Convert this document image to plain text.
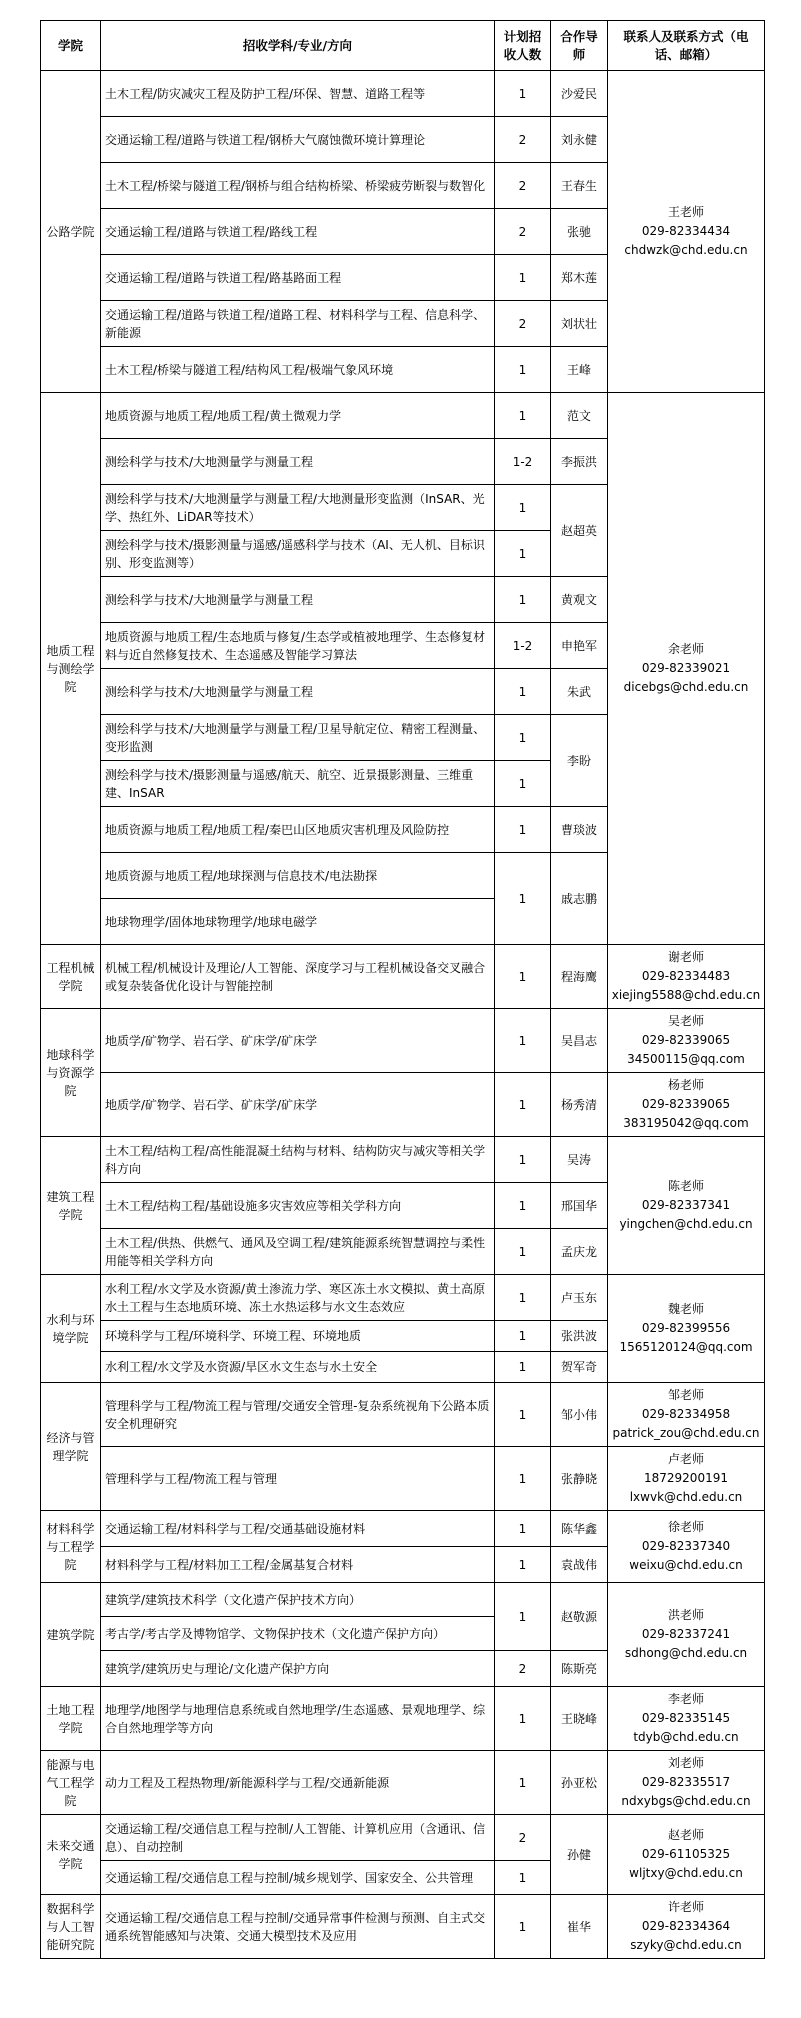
学院	招收学科/专业/方向	计划招收人数	合作导师	联系人及联系方式（电话、邮箱）
公路学院	土木工程/防灾减灾工程及防护工程/环保、智慧、道路工程等	1	沙爱民	王老师
029-82334434
chdwzk@chd.edu.cn

	交通运输工程/道路与铁道工程/钢桥大气腐蚀微环境计算理论	2	刘永健	
	土木工程/桥梁与隧道工程/钢桥与组合结构桥梁、桥梁疲劳断裂与数智化	2	王春生	
	交通运输工程/道路与铁道工程/路线工程	2	张驰	
	交通运输工程/道路与铁道工程/路基路面工程	1	郑木莲	
	交通运输工程/道路与铁道工程/道路工程、材料科学与工程、信息科学、新能源	2	刘状壮	
	土木工程/桥梁与隧道工程/结构风工程/极端气象风环境	1	王峰	
地质工程与测绘学院	地质资源与地质工程/地质工程/黄土微观力学	1	范文	余老师
029-82339021
dicebgs@chd.edu.cn

	测绘科学与技术/大地测量学与测量工程	1-2	李振洪	
	测绘科学与技术/大地测量学与测量工程/大地测量形变监测（InSAR、光学、热红外、LiDAR等技术）	1	赵超英	
	测绘科学与技术/摄影测量与遥感/遥感科学与技术（AI、无人机、目标识别、形变监测等）	1		
	测绘科学与技术/大地测量学与测量工程	1	黄观文	
	地质资源与地质工程/生态地质与修复/生态学或植被地理学、生态修复材料与近自然修复技术、生态遥感及智能学习算法	1-2	申艳军	
	测绘科学与技术/大地测量学与测量工程	1	朱武	
	测绘科学与技术/大地测量学与测量工程/卫星导航定位、精密工程测量、变形监测	1	李盼	
	测绘科学与技术/摄影测量与遥感/航天、航空、近景摄影测量、三维重建、InSAR	1		
	地质资源与地质工程/地质工程/秦巴山区地质灾害机理及风险防控	1	曹琰波	
	地质资源与地质工程/地球探测与信息技术/电法勘探	1	戚志鹏	
	地球物理学/固体地球物理学/地球电磁学			
工程机械学院	机械工程/机械设计及理论/人工智能、深度学习与工程机械设备交叉融合或复杂装备优化设计与智能控制	1	程海鹰	谢老师
029-82334483
xiejing5588@chd.edu.cn

地球科学与资源学院	地质学/矿物学、岩石学、矿床学/矿床学	1	吴昌志	吴老师
029-82339065
34500115@qq.com

	地质学/矿物学、岩石学、矿床学/矿床学	1	杨秀清	杨老师
029-82339065
383195042@qq.com

建筑工程学院	土木工程/结构工程/高性能混凝土结构与材料、结构防灾与减灾等相关学科方向	1	吴涛	陈老师
029-82337341
yingchen@chd.edu.cn

	土木工程/结构工程/基础设施多灾害效应等相关学科方向	1	邢国华	
	土木工程/供热、供燃气、通风及空调工程/建筑能源系统智慧调控与柔性用能等相关学科方向	1	孟庆龙	
水利与环境学院	水利工程/水文学及水资源/黄土渗流力学、寒区冻土水文模拟、黄土高原水土工程与生态地质环境、冻土水热运移与水文生态效应	1	卢玉东	魏老师
029-82399556
1565120124@qq.com

	环境科学与工程/环境科学、环境工程、环境地质	1	张洪波	
	水利工程/水文学及水资源/旱区水文生态与水土安全	1	贺军奇	
经济与管理学院	管理科学与工程/物流工程与管理/交通安全管理-复杂系统视角下公路本质安全机理研究	1	邹小伟	邹老师
029-82334958
patrick_zou@chd.edu.cn

	管理科学与工程/物流工程与管理	1	张静晓	卢老师
18729200191
lxwvk@chd.edu.cn

材料科学与工程学院	交通运输工程/材料科学与工程/交通基础设施材料	1	陈华鑫	徐老师
029-82337340
weixu@chd.edu.cn

	材料科学与工程/材料加工工程/金属基复合材料	1	袁战伟	
建筑学院	建筑学/建筑技术科学（文化遗产保护技术方向）	1	赵敬源	洪老师
029-82337241
sdhong@chd.edu.cn

	考古学/考古学及博物馆学、文物保护技术（文化遗产保护方向）			
	建筑学/建筑历史与理论/文化遗产保护方向	2	陈斯亮	
土地工程学院	地理学/地图学与地理信息系统或自然地理学/生态遥感、景观地理学、综合自然地理学等方向	1	王晓峰	李老师
029-82335145
tdyb@chd.edu.cn

能源与电气工程学院	动力工程及工程热物理/新能源科学与工程/交通新能源	1	孙亚松	刘老师
029-82335517
ndxybgs@chd.edu.cn

未来交通学院	交通运输工程/交通信息工程与控制/人工智能、计算机应用（含通讯、信息）、自动控制	2	孙健	赵老师
029-61105325
wljtxy@chd.edu.cn

	交通运输工程/交通信息工程与控制/城乡规划学、国家安全、公共管理	1		
数据科学与人工智能研究院	交通运输工程/交通信息工程与控制/交通异常事件检测与预测、自主式交通系统智能感知与决策、交通大模型技术及应用	1	崔华	许老师
029-82334364
szyky@chd.edu.cn
